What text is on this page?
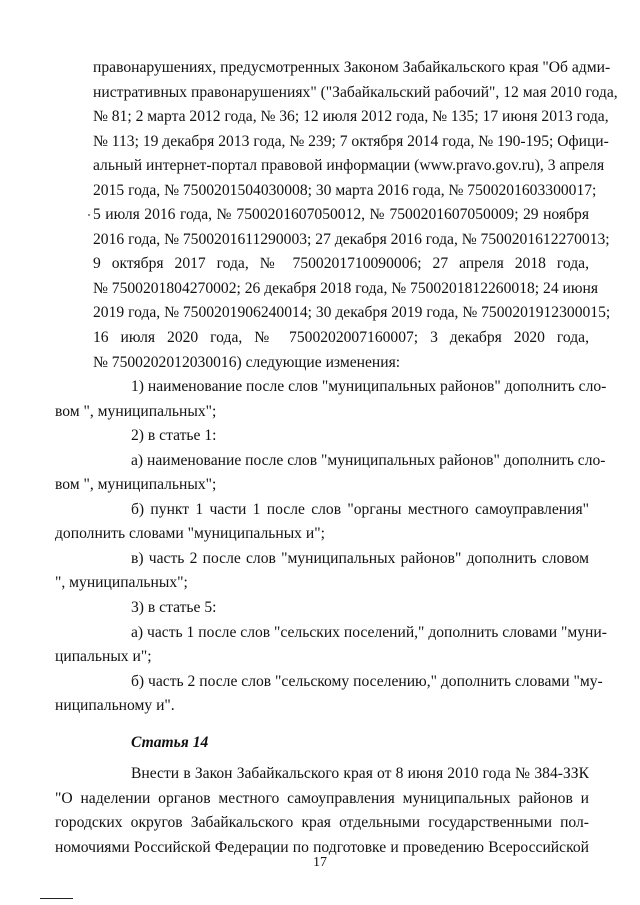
правонарушениях, предусмотренных Законом Забайкальского края "Об адми-
нистративных правонарушениях" ("Забайкальский рабочий", 12 мая 2010 года,
№ 81; 2 марта 2012 года, № 36; 12 июля 2012 года, № 135; 17 июня 2013 года,
№ 113; 19 декабря 2013 года, № 239; 7 октября 2014 года, № 190-195; Офици-
альный интернет-портал правовой информации (www.pravo.gov.ru), 3 апреля
2015 года, № 7500201504030008; 30 марта 2016 года, № 7500201603300017;
5 июля 2016 года, № 7500201607050012, № 7500201607050009; 29 ноября
2016 года, № 7500201611290003; 27 декабря 2016 года, № 7500201612270013;
9 октября 2017 года, № 7500201710090006; 27 апреля 2018 года,
№ 7500201804270002; 26 декабря 2018 года, № 7500201812260018; 24 июня
2019 года, № 7500201906240014; 30 декабря 2019 года, № 7500201912300015;
16 июля 2020 года, № 7500202007160007; 3 декабря 2020 года,
№ 7500202012030016) следующие изменения:

1) наименование после слов "муниципальных районов" дополнить сло-
вом ", муниципальных";

2) в статье 1:

а) наименование после слов "муниципальных районов" дополнить сло-
вом ", муниципальных";

б) пункт 1 части 1 после слов "органы местного самоуправления"
дополнить словами "муниципальных и";

в) часть 2 после слов "муниципальных районов" дополнить словом
", муниципальных";

3) в статье 5:

а) часть 1 после слов "сельских поселений," дополнить словами "муни-
ципальных и";

б) часть 2 после слов "сельскому поселению," дополнить словами "му-
ниципальному и".

Статья 14

Внести в Закон Забайкальского края от 8 июня 2010 года № 384-ЗЗК
"О наделении органов местного самоуправления муниципальных районов и
городских округов Забайкальского края отдельными государственными пол-
номочиями Российской Федерации по подготовке и проведению Всероссийской

17
